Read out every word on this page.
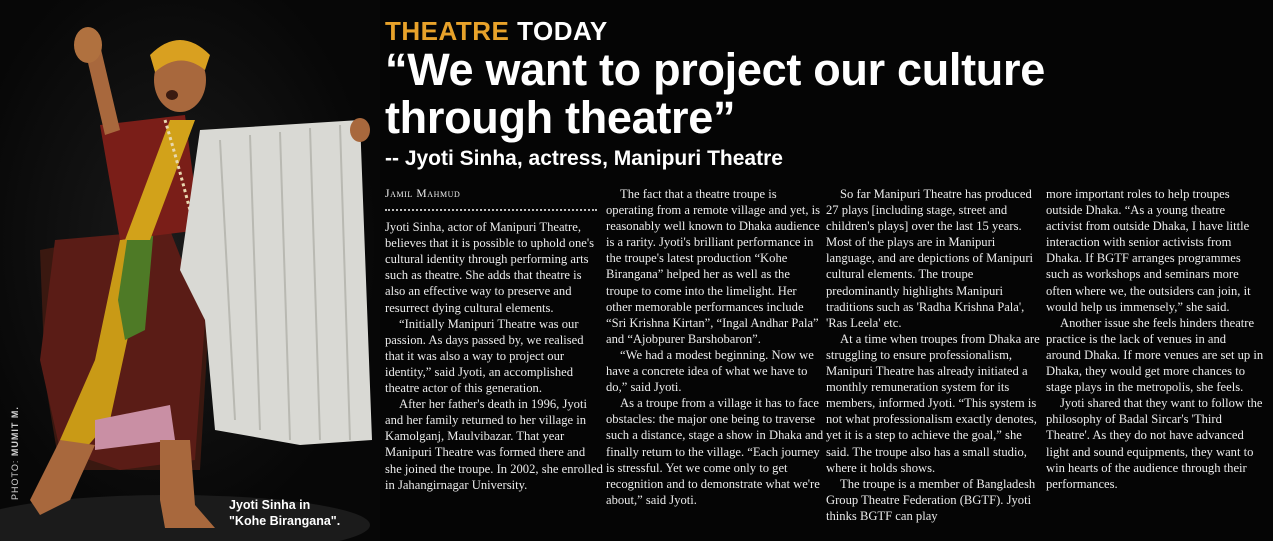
PHOTO: MUMIT M.
Jyoti Sinha in
"Kohe Birangana".
THEATRE TODAY
“We want to project our culture
through theatre”
-- Jyoti Sinha, actress, Manipuri Theatre
Jamil Mahmud

Jyoti Sinha, actor of Manipuri Theatre, believes that it is possible to uphold one's cultural identity through performing arts such as theatre. She adds that theatre is also an effective way to preserve and resurrect dying cultural elements.

“Initially Manipuri Theatre was our passion. As days passed by, we realised that it was also a way to project our identity,” said Jyoti, an accomplished theatre actor of this generation.

After her father's death in 1996, Jyoti and her family returned to her village in Kamolganj, Maulvibazar. That year Manipuri Theatre was formed there and she joined the troupe. In 2002, she enrolled in Jahangirnagar University.

The fact that a theatre troupe is operating from a remote village and yet, is reasonably well known to Dhaka audience is a rarity. Jyoti's brilliant performance in the troupe's latest production “Kohe Birangana” helped her as well as the troupe to come into the limelight. Her other memorable performances include “Sri Krishna Kirtan”, “Ingal Andhar Pala” and “Ajobpurer Barshobaron”.

“We had a modest beginning. Now we have a concrete idea of what we have to do,” said Jyoti.

As a troupe from a village it has to face obstacles: the major one being to traverse such a distance, stage a show in Dhaka and finally return to the village. “Each journey is stressful. Yet we come only to get recognition and to demonstrate what we're about,” said Jyoti.

So far Manipuri Theatre has produced 27 plays [including stage, street and children's plays] over the last 15 years. Most of the plays are in Manipuri language, and are depictions of Manipuri cultural elements. The troupe predominantly highlights Manipuri traditions such as 'Radha Krishna Pala', 'Ras Leela' etc.

At a time when troupes from Dhaka are struggling to ensure professionalism, Manipuri Theatre has already initiated a monthly remuneration system for its members, informed Jyoti. “This system is not what professionalism exactly denotes, yet it is a step to achieve the goal,” she said. The troupe also has a small studio, where it holds shows.

The troupe is a member of Bangladesh Group Theatre Federation (BGTF). Jyoti thinks BGTF can play

more important roles to help troupes outside Dhaka. “As a young theatre activist from outside Dhaka, I have little interaction with senior activists from Dhaka. If BGTF arranges programmes such as workshops and seminars more often where we, the outsiders can join, it would help us immensely,” she said.

Another issue she feels hinders theatre practice is the lack of venues in and around Dhaka. If more venues are set up in Dhaka, they would get more chances to stage plays in the metropolis, she feels.

Jyoti shared that they want to follow the philosophy of Badal Sircar's 'Third Theatre'. As they do not have advanced light and sound equipments, they want to win hearts of the audience through their performances.
